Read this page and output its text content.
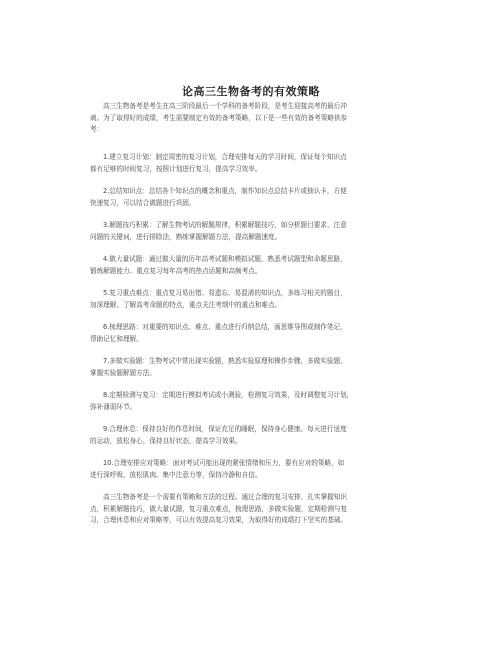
论高三生物备考的有效策略

高三生物备考是考生在高三阶段最后一个学科的备考阶段，是考生迎接高考的最后冲
刺。为了取得好的成绩，考生需要制定有效的备考策略，以下是一些有效的备考策略供参
考：

1.建立复习计划：制定周密的复习计划，合理安排每天的学习时间，保证每个知识点
都有足够的时间复习，按照计划进行复习，提高学习效率。

2.总结知识点：总结各个知识点的概念和重点，制作知识点总结卡片或抽认卡，方便
快速复习，可以结合做题进行巩固。

3.解题技巧积累：了解生物考试的解题规律，积累解题技巧，如分析题目要求、注意
问题的关键词，进行排除法，熟练掌握解题方法，提高解题速度。

4.做大量试题：通过做大量的历年高考试题和模拟试题，熟悉考试题型和命题思路，
锻炼解题能力。重点复习每年高考的热点话题和高频考点。

5.复习重点难点：重点复习易出错、易遗忘、易混淆的知识点，多练习相关的题目，
加深理解。了解高考命题的特点，重点关注考纲中的重点和难点。

6.梳理思路：对重要的知识点、难点、重点进行归纳总结，画思维导图或制作笔记，
帮助记忆和理解。

7.多做实验题：生物考试中常出现实验题，熟悉实验原理和操作步骤，多做实验题，
掌握实验题解题方法。

8.定期检测与复习：定期进行模拟考试或小测验，检测复习效果，及时调整复习计划，
弥补薄弱环节。

9.合理休息：保持良好的作息时间，保证充足的睡眠，保持身心健康。每天进行适度
的运动，放松身心，保持良好状态，提高学习效果。

10.合理安排应对策略：面对考试可能出现的紧张情绪和压力，要有应对的策略，如
进行深呼吸、放松肌肉、集中注意力等，保持冷静和自信。

高三生物备考是一个需要有策略和方法的过程。通过合理的复习安排，扎实掌握知识
点，积累解题技巧，做大量试题，复习重点难点，梳理思路，多做实验题，定期检测与复
习，合理休息和应对策略等，可以有效提高复习效果，为取得好的成绩打下坚实的基础。
